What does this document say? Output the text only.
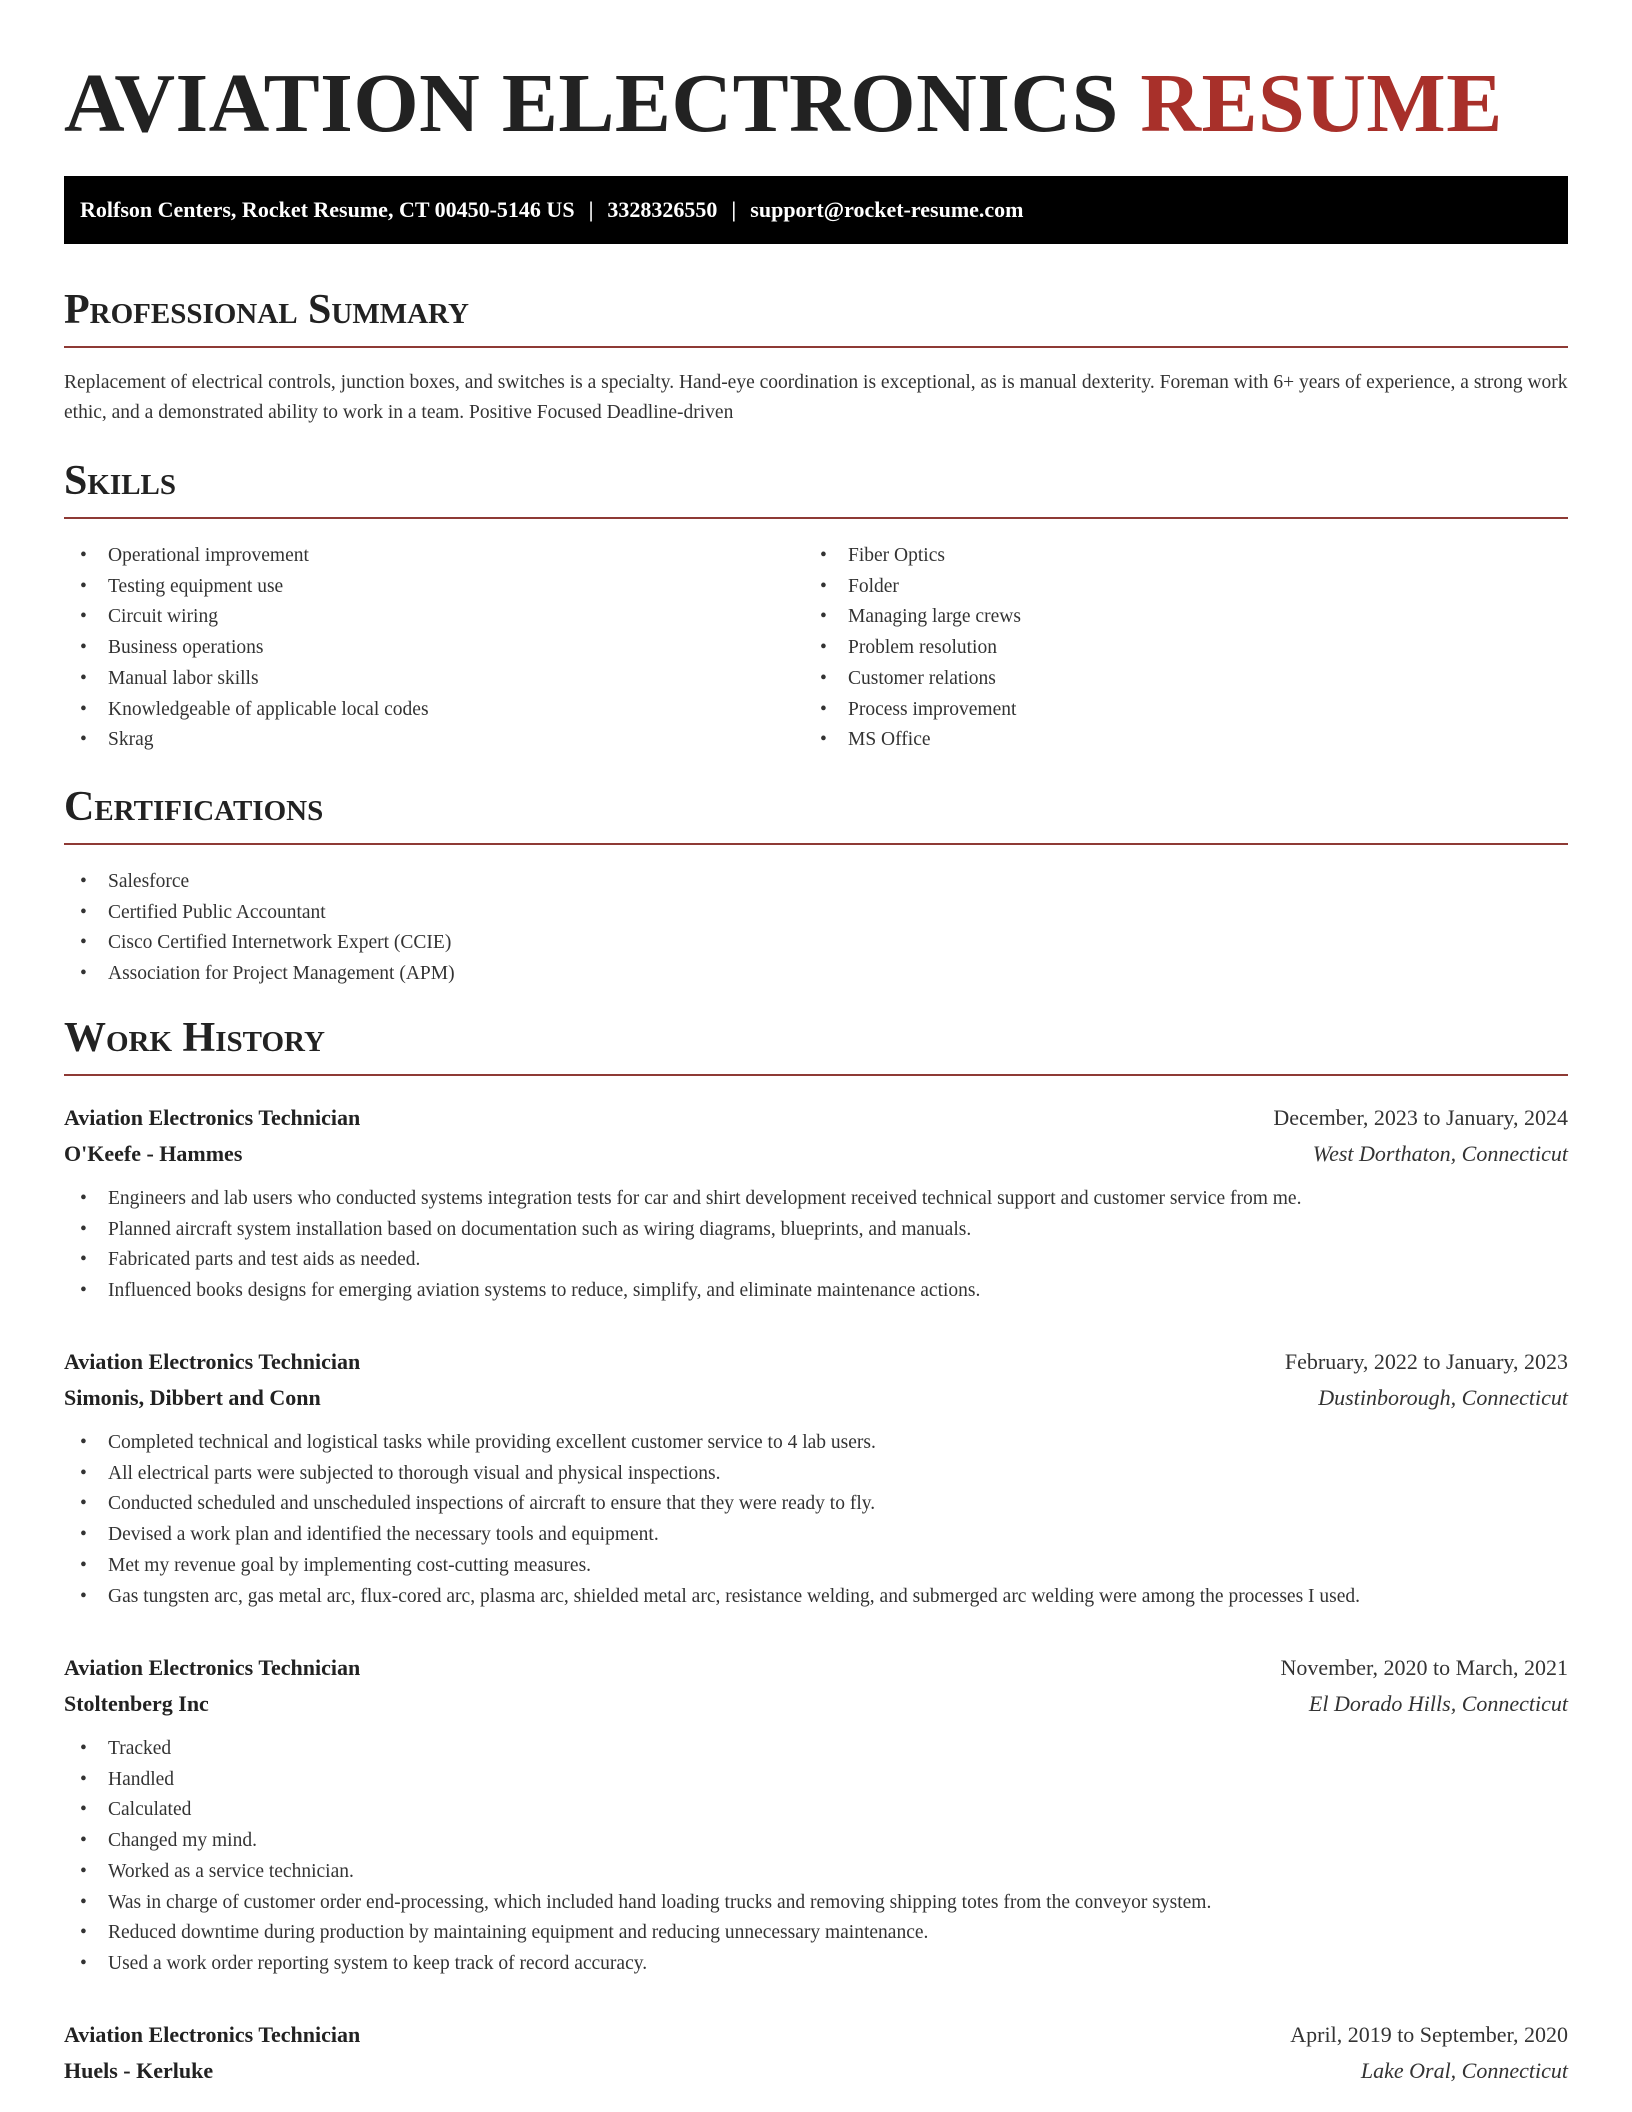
AVIATION ELECTRONICS RESUME
Rolfson Centers, Rocket Resume, CT 00450-5146 US | 3328326550 | support@rocket-resume.com
Professional Summary
Replacement of electrical controls, junction boxes, and switches is a specialty. Hand-eye coordination is exceptional, as is manual dexterity. Foreman with 6+ years of experience, a strong work ethic, and a demonstrated ability to work in a team. Positive Focused Deadline-driven
Skills
• Operational improvement
• Testing equipment use
• Circuit wiring
• Business operations
• Manual labor skills
• Knowledgeable of applicable local codes
• Skrag
• Fiber Optics
• Folder
• Managing large crews
• Problem resolution
• Customer relations
• Process improvement
• MS Office
Certifications
• Salesforce
• Certified Public Accountant
• Cisco Certified Internetwork Expert (CCIE)
• Association for Project Management (APM)
Work History
Aviation Electronics Technician	December, 2023 to January, 2024
O'Keefe - Hammes	West Dorthaton, Connecticut
• Engineers and lab users who conducted systems integration tests for car and shirt development received technical support and customer service from me.
• Planned aircraft system installation based on documentation such as wiring diagrams, blueprints, and manuals.
• Fabricated parts and test aids as needed.
• Influenced books designs for emerging aviation systems to reduce, simplify, and eliminate maintenance actions.
Aviation Electronics Technician	February, 2022 to January, 2023
Simonis, Dibbert and Conn	Dustinborough, Connecticut
• Completed technical and logistical tasks while providing excellent customer service to 4 lab users.
• All electrical parts were subjected to thorough visual and physical inspections.
• Conducted scheduled and unscheduled inspections of aircraft to ensure that they were ready to fly.
• Devised a work plan and identified the necessary tools and equipment.
• Met my revenue goal by implementing cost-cutting measures.
• Gas tungsten arc, gas metal arc, flux-cored arc, plasma arc, shielded metal arc, resistance welding, and submerged arc welding were among the processes I used.
Aviation Electronics Technician	November, 2020 to March, 2021
Stoltenberg Inc	El Dorado Hills, Connecticut
• Tracked
• Handled
• Calculated
• Changed my mind.
• Worked as a service technician.
• Was in charge of customer order end-processing, which included hand loading trucks and removing shipping totes from the conveyor system.
• Reduced downtime during production by maintaining equipment and reducing unnecessary maintenance.
• Used a work order reporting system to keep track of record accuracy.
Aviation Electronics Technician	April, 2019 to September, 2020
Huels - Kerluke	Lake Oral, Connecticut
